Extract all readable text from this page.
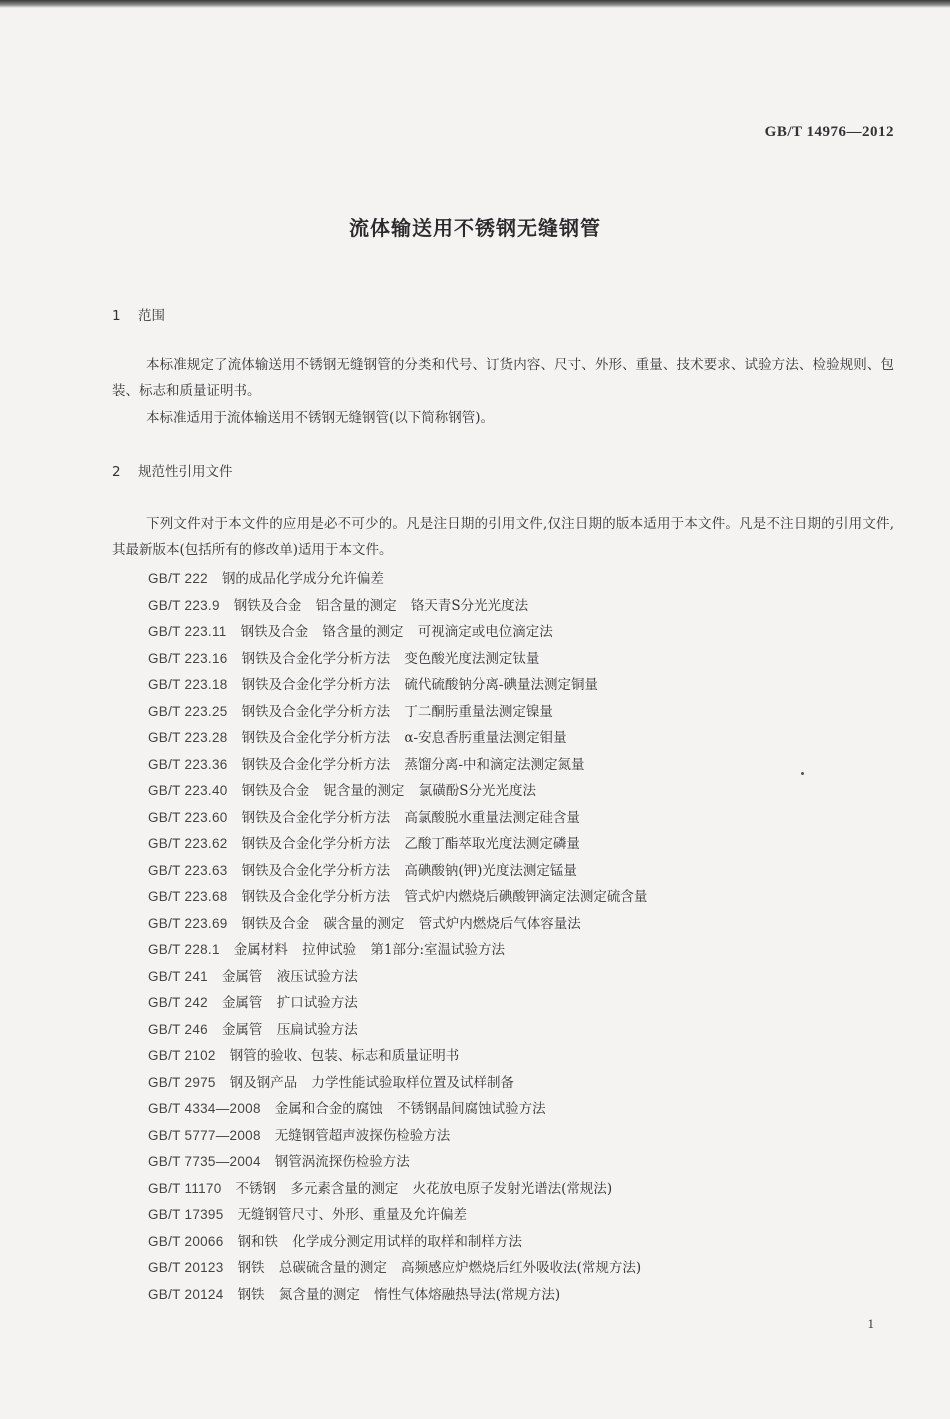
GB/T 14976—2012
流体输送用不锈钢无缝钢管
1 范围
本标准规定了流体输送用不锈钢无缝钢管的分类和代号、订货内容、尺寸、外形、重量、技术要求、试验方法、检验规则、包装、标志和质量证明书。
本标准适用于流体输送用不锈钢无缝钢管(以下简称钢管)。
2 规范性引用文件
下列文件对于本文件的应用是必不可少的。凡是注日期的引用文件,仅注日期的版本适用于本文件。凡是不注日期的引用文件,其最新版本(包括所有的修改单)适用于本文件。
GB/T 222 钢的成品化学成分允许偏差
GB/T 223.9 钢铁及合金 铝含量的测定 铬天青S分光光度法
GB/T 223.11 钢铁及合金 铬含量的测定 可视滴定或电位滴定法
GB/T 223.16 钢铁及合金化学分析方法 变色酸光度法测定钛量
GB/T 223.18 钢铁及合金化学分析方法 硫代硫酸钠分离-碘量法测定铜量
GB/T 223.25 钢铁及合金化学分析方法 丁二酮肟重量法测定镍量
GB/T 223.28 钢铁及合金化学分析方法 α-安息香肟重量法测定钼量
GB/T 223.36 钢铁及合金化学分析方法 蒸馏分离-中和滴定法测定氮量
GB/T 223.40 钢铁及合金 铌含量的测定 氯磺酚S分光光度法
GB/T 223.60 钢铁及合金化学分析方法 高氯酸脱水重量法测定硅含量
GB/T 223.62 钢铁及合金化学分析方法 乙酸丁酯萃取光度法测定磷量
GB/T 223.63 钢铁及合金化学分析方法 高碘酸钠(钾)光度法测定锰量
GB/T 223.68 钢铁及合金化学分析方法 管式炉内燃烧后碘酸钾滴定法测定硫含量
GB/T 223.69 钢铁及合金 碳含量的测定 管式炉内燃烧后气体容量法
GB/T 228.1 金属材料 拉伸试验 第1部分:室温试验方法
GB/T 241 金属管 液压试验方法
GB/T 242 金属管 扩口试验方法
GB/T 246 金属管 压扁试验方法
GB/T 2102 钢管的验收、包装、标志和质量证明书
GB/T 2975 钢及钢产品 力学性能试验取样位置及试样制备
GB/T 4334—2008 金属和合金的腐蚀 不锈钢晶间腐蚀试验方法
GB/T 5777—2008 无缝钢管超声波探伤检验方法
GB/T 7735—2004 钢管涡流探伤检验方法
GB/T 11170 不锈钢 多元素含量的测定 火花放电原子发射光谱法(常规法)
GB/T 17395 无缝钢管尺寸、外形、重量及允许偏差
GB/T 20066 钢和铁 化学成分测定用试样的取样和制样方法
GB/T 20123 钢铁 总碳硫含量的测定 高频感应炉燃烧后红外吸收法(常规方法)
GB/T 20124 钢铁 氮含量的测定 惰性气体熔融热导法(常规方法)
1
